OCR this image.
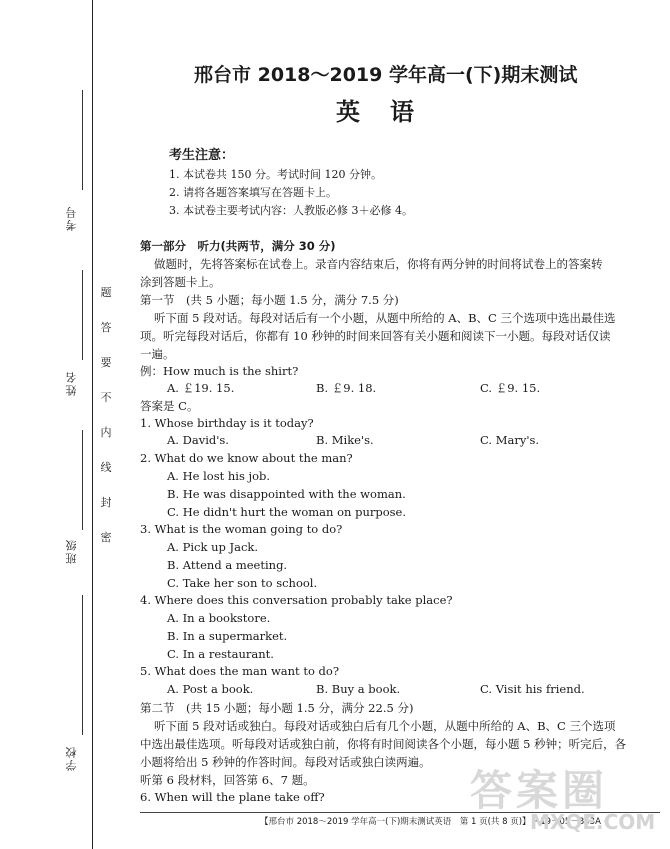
考号
姓名
班级
学校
题
答
要
不
内
线
封
密
邢台市 2018～2019 学年高一(下)期末测试
英语
考生注意：
1. 本试卷共 150 分。考试时间 120 分钟。
2. 请将各题答案填写在答题卡上。
3. 本试卷主要考试内容：人教版必修 3＋必修 4。
第一部分　听力(共两节，满分 30 分)
做题时，先将答案标在试卷上。录音内容结束后，你将有两分钟的时间将试卷上的答案转
涂到答题卡上。
第一节　(共 5 小题；每小题 1.5 分，满分 7.5 分)
听下面 5 段对话。每段对话后有一个小题，从题中所给的 A、B、C 三个选项中选出最佳选
项。听完每段对话后，你都有 10 秒钟的时间来回答有关小题和阅读下一小题。每段对话仅读
一遍。
例：How much is the shirt?
A. ￡19. 15.	B. ￡9. 18.	C. ￡9. 15.
答案是 C。
1. Whose birthday is it today?
A. David's.	B. Mike's.	C. Mary's.
2. What do we know about the man?
A. He lost his job.
B. He was disappointed with the woman.
C. He didn't hurt the woman on purpose.
3. What is the woman going to do?
A. Pick up Jack.
B. Attend a meeting.
C. Take her son to school.
4. Where does this conversation probably take place?
A. In a bookstore.
B. In a supermarket.
C. In a restaurant.
5. What does the man want to do?
A. Post a book.	B. Buy a book.	C. Visit his friend.
第二节　(共 15 小题；每小题 1.5 分，满分 22.5 分)
听下面 5 段对话或独白。每段对话或独白后有几个小题，从题中所给的 A、B、C 三个选项
中选出最佳选项。听每段对话或独白前，你将有时间阅读各个小题，每小题 5 秒钟；听完后，各
小题将给出 5 秒钟的作答时间。每段对话或独白读两遍。
听第 6 段材料，回答第 6、7 题。
6. When will the plane take off?	答案圈
【邢台市 2018～2019 学年高一(下)期末测试英语　第 1 页(共 8 页)】　· 19－05－353A ·
MXQE.COM
